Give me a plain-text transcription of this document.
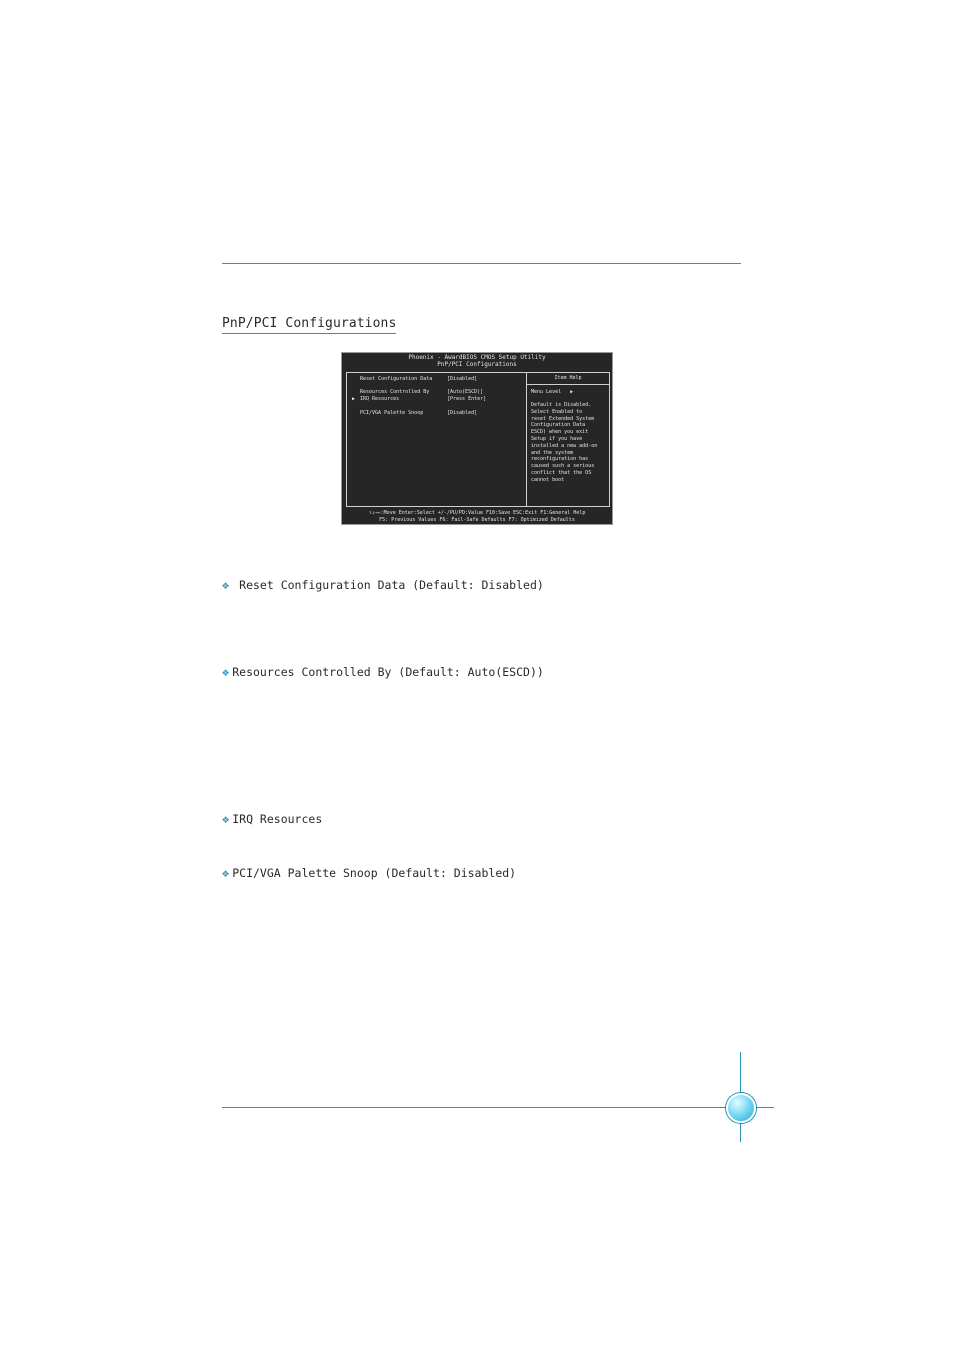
PnP/PCI Configurations
Phoenix - AwardBIOS CMOS Setup Utility
PnP/PCI Configurations
Reset Configuration Data	[Disabled]
Resources Controlled By	[Auto(ESCD)]
▶ IRQ Resources	[Press Enter]
PCI/VGA Palette Snoop	[Disabled]
Item Help
Menu Level ▶
Default is Disabled.
Select Enabled to
reset Extended System
Configuration Data
ESCD) when you exit
Setup if you have
installed a new add-on
and the system
reconfiguration has
caused such a serious
conflict that the OS
cannot boot
↑↓→←:Move Enter:Select +/-/PU/PD:Value F10:Save ESC:Exit F1:General Help
F5: Previous Values F6: Fail-Safe Defaults F7: Optimized Defaults
❖ Reset Configuration Data (Default: Disabled)
❖ Resources Controlled By (Default: Auto(ESCD))
❖ IRQ Resources
❖ PCI/VGA Palette Snoop (Default: Disabled)
